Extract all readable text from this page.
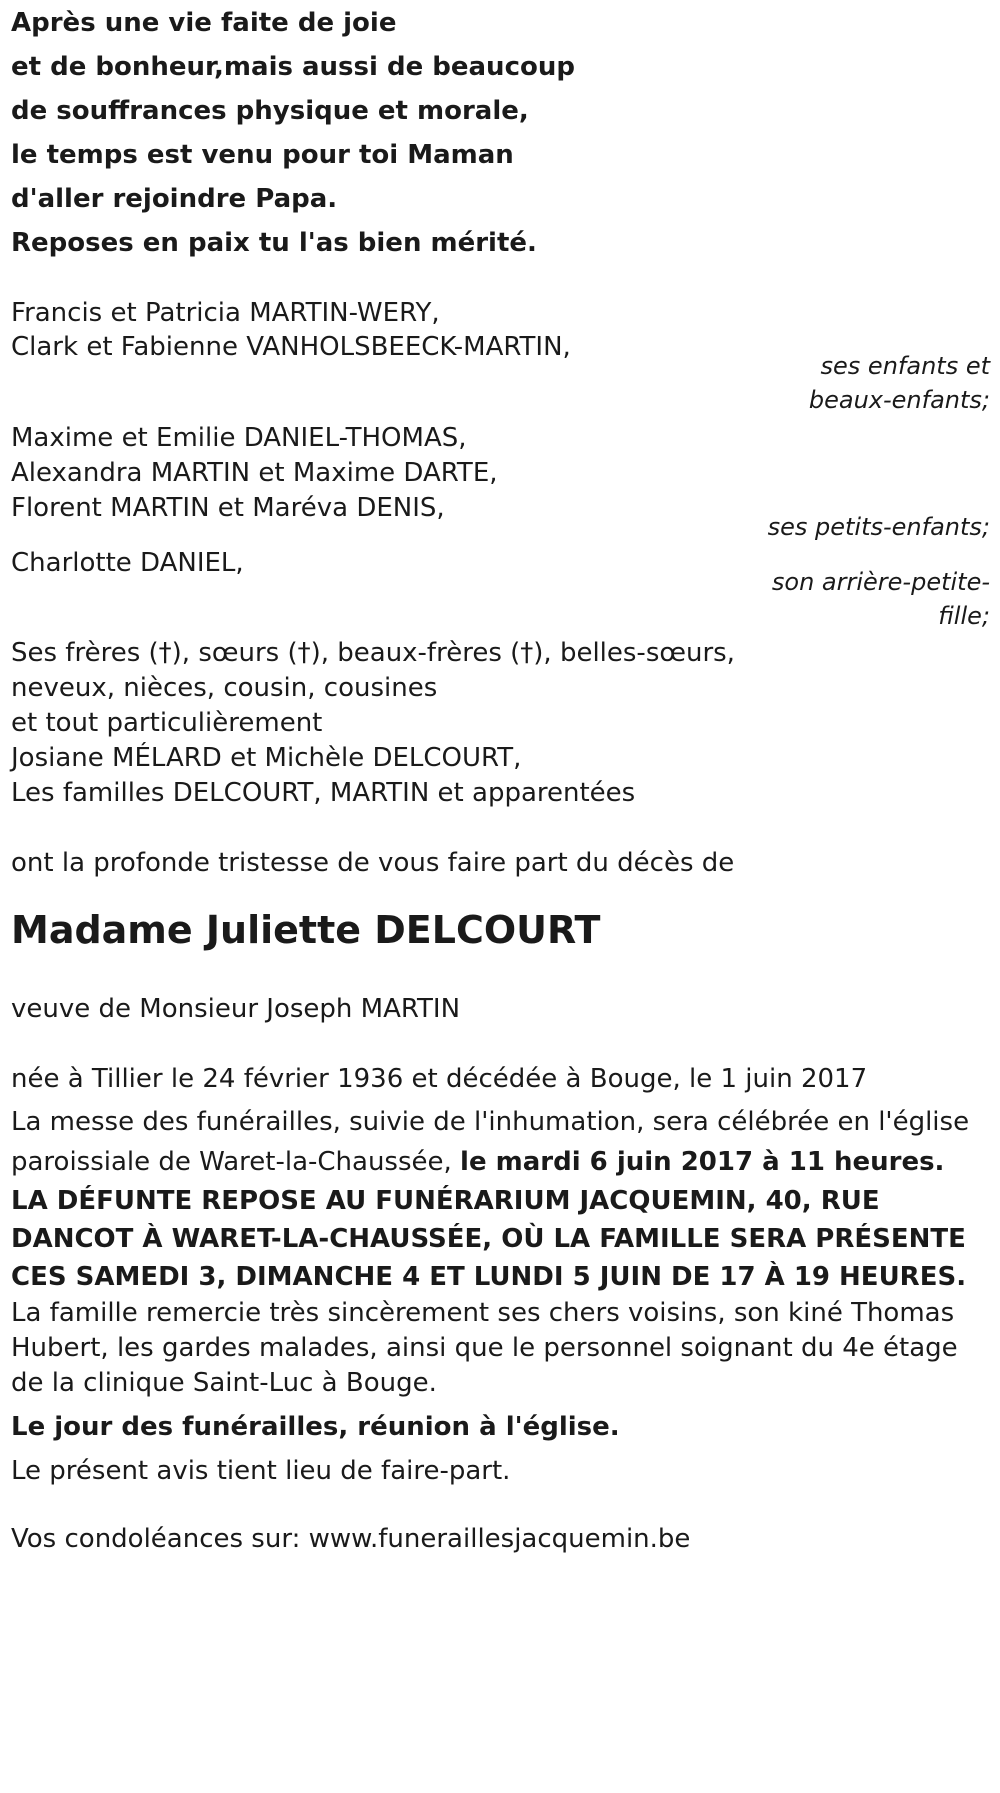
Après une vie faite de joie
et de bonheur,mais aussi de beaucoup
de souffrances physique et morale,
le temps est venu pour toi Maman
d'aller rejoindre Papa.
Reposes en paix tu l'as bien mérité.
Francis et Patricia MARTIN-WERY,
Clark et Fabienne VANHOLSBEECK-MARTIN,
ses enfants et
beaux-enfants;
Maxime et Emilie DANIEL-THOMAS,
Alexandra MARTIN et Maxime DARTE,
Florent MARTIN et Maréva DENIS,
ses petits-enfants;
Charlotte DANIEL,
son arrière-petite-
fille;
Ses frères (†), sœurs (†), beaux-frères (†), belles-sœurs,
neveux, nièces, cousin, cousines
et tout particulièrement
Josiane MÉLARD et Michèle DELCOURT,
Les familles DELCOURT, MARTIN et apparentées
ont la profonde tristesse de vous faire part du décès de
Madame Juliette DELCOURT
veuve de Monsieur Joseph MARTIN
née à Tillier le 24 février 1936 et décédée à Bouge, le 1 juin 2017
La messe des funérailles, suivie de l'inhumation, sera célébrée en l'église paroissiale de Waret-la-Chaussée, le mardi 6 juin 2017 à 11 heures.
LA DÉFUNTE REPOSE AU FUNÉRARIUM JACQUEMIN, 40, RUE DANCOT À WARET-LA-CHAUSSÉE, OÙ LA FAMILLE SERA PRÉSENTE CES SAMEDI 3, DIMANCHE 4 ET LUNDI 5 JUIN DE 17 À 19 HEURES.
La famille remercie très sincèrement ses chers voisins, son kiné Thomas Hubert, les gardes malades, ainsi que le personnel soignant du 4e étage de la clinique Saint-Luc à Bouge.
Le jour des funérailles, réunion à l'église.
Le présent avis tient lieu de faire-part.
Vos condoléances sur: www.funeraillesjacquemin.be
